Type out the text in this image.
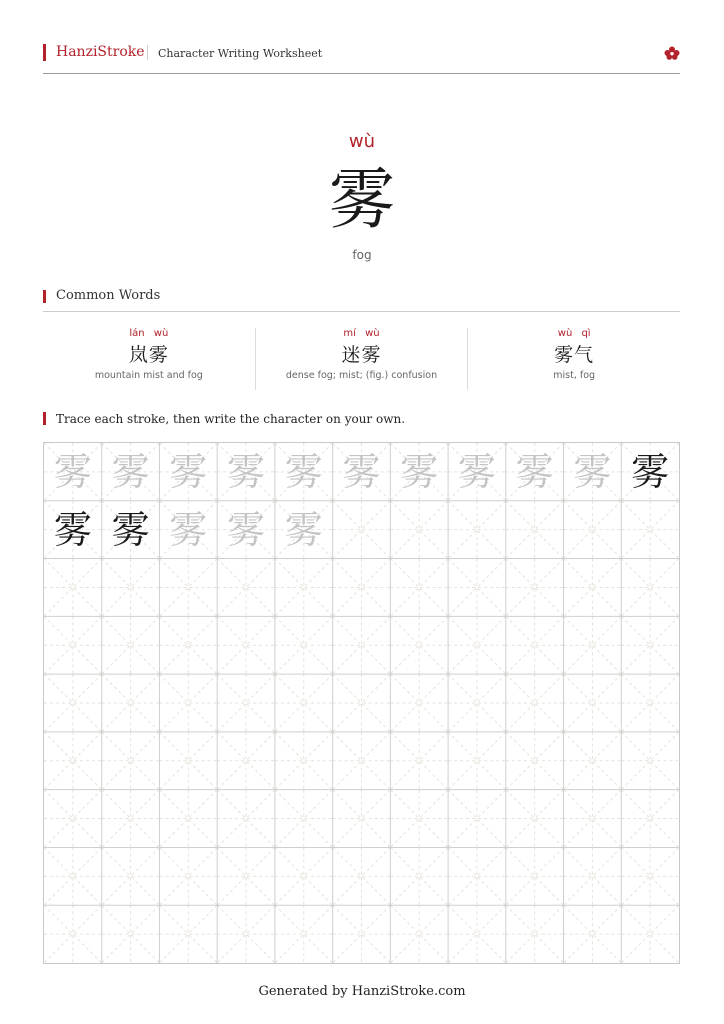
HanziStroke Character Writing Worksheet
wù
雾
fog
Common Words
lán wù
岚雾
mountain mist and fog
mí wù
迷雾
dense fog; mist; (fig.) confusion
wù qì
雾气
mist, fog
Trace each stroke, then write the character on your own.
雾 雾 雾 雾 雾 雾 雾 雾 雾 雾 雾
雾 雾 雾 雾 雾
Generated by HanziStroke.com
